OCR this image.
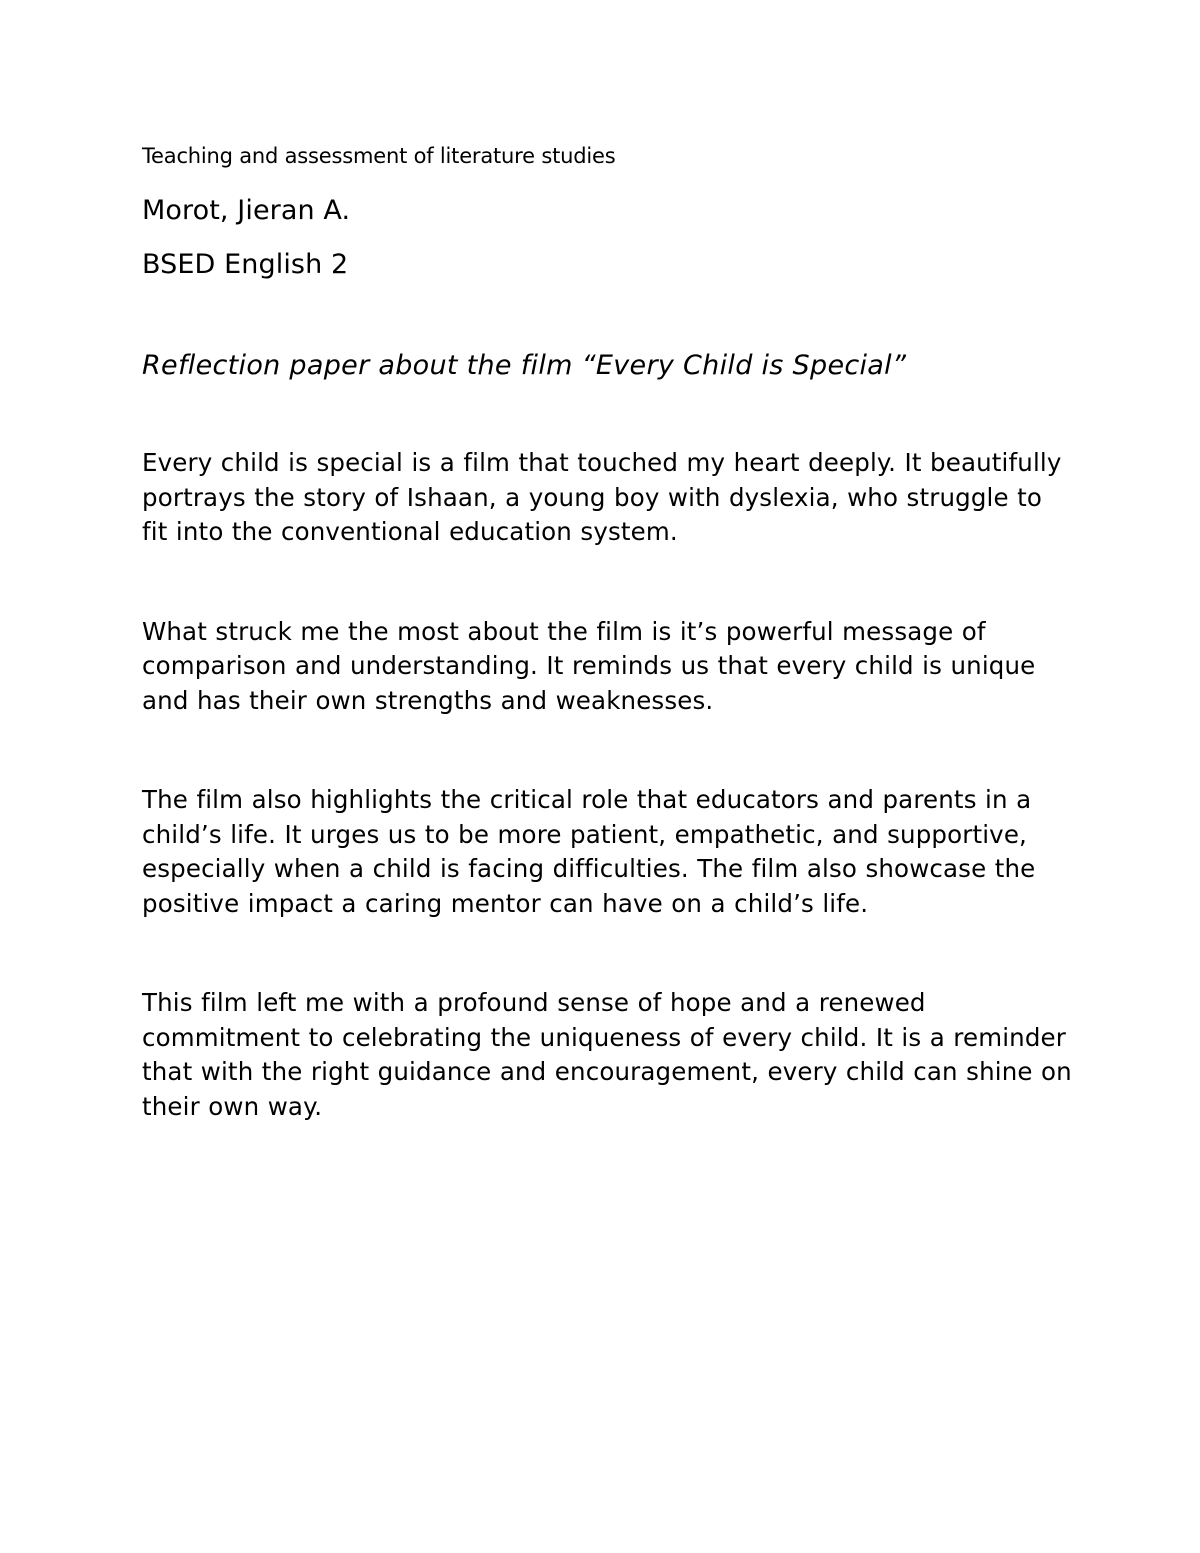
Teaching and assessment of literature studies

Morot, Jieran A.

BSED English 2

Reflection paper about the film “Every Child is Special”

Every child is special is a film that touched my heart deeply. It beautifully portrays the story of Ishaan, a young boy with dyslexia, who struggle to fit into the conventional education system.

What struck me the most about the film is it’s powerful message of comparison and understanding. It reminds us that every child is unique and has their own strengths and weaknesses.

The film also highlights the critical role that educators and parents in a child’s life. It urges us to be more patient, empathetic, and supportive, especially when a child is facing difficulties. The film also showcase the positive impact a caring mentor can have on a child’s life.

This film left me with a profound sense of hope and a renewed commitment to celebrating the uniqueness of every child. It is a reminder that with the right guidance and encouragement, every child can shine on their own way.
